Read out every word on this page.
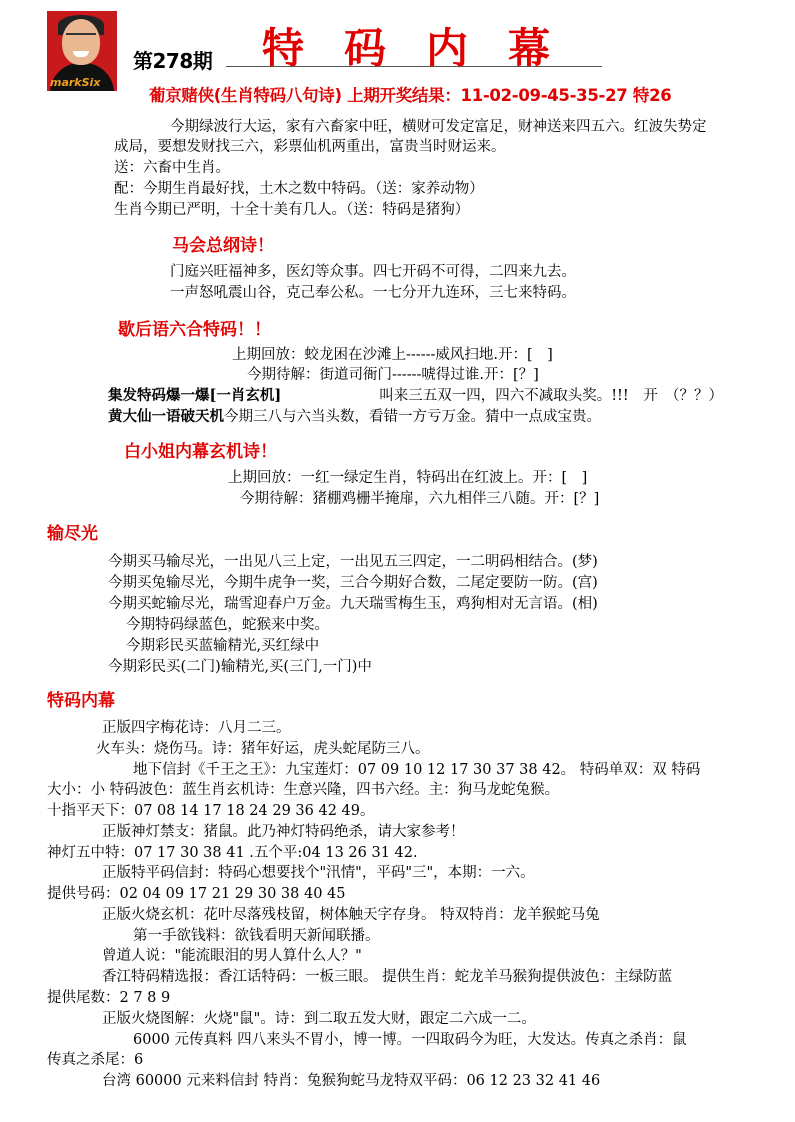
markSix
第278期 特码内幕
葡京赌侠(生肖特码八句诗) 上期开奖结果：11-02-09-45-35-27 特26
今期绿波行大运，家有六畜家中旺，横财可发定富足，财神送来四五六。红波失势定
成局，要想发财找三六，彩票仙机两重出，富贵当时财运来。
送：六畜中生肖。
配：今期生肖最好找，土木之数中特码。（送：家养动物）
生肖今期已严明，十全十美有几人。（送：特码是猪狗）
马会总纲诗！
门庭兴旺福神多，医幻等众事。四七开码不可得，二四来九去。
一声怒吼震山谷，克己奉公私。一七分开九连环，三七来特码。
歇后语六合特码！！
上期回放：蛟龙困在沙滩上------威风扫地.开：[　]
今期待解：街道司衙门------唬得过谁.开：[？]
集发特码爆一爆[一肖玄机]	叫来三五双一四，四六不减取头奖。!!!　开　（？？）
黄大仙一语破天机今期三八与六当头数，看错一方亏万金。猜中一点成宝贵。
白小姐内幕玄机诗！
上期回放：一红一绿定生肖，特码出在红波上。开：[　]
今期待解：猪棚鸡栅半掩扉，六九相伴三八随。开：[？]
输尽光
今期买马输尽光，一出见八三上定，一出见五三四定，一二明码相结合。(梦)
今期买兔输尽光，今期牛虎争一奖，三合今期好合数，二尾定要防一防。(宫)
今期买蛇输尽光，瑞雪迎春户万金。九天瑞雪梅生玉，鸡狗相对无言语。(相)
今期特码绿蓝色，蛇猴来中奖。
今期彩民买蓝输精光,买红绿中
今期彩民买(二门)输精光,买(三门,一门)中
特码内幕
正版四字梅花诗：八月二三。
火车头：烧伤马。诗：猪年好运，虎头蛇尾防三八。
地下信封《千王之王》：九宝莲灯：07 09 10 12 17 30 37 38 42。 特码单双：双 特码
大小：小 特码波色：蓝生肖玄机诗：生意兴隆，四书六经。主：狗马龙蛇兔猴。
十指平天下：07 08 14 17 18 24 29 36 42 49。
正版神灯禁支：猪鼠。此乃神灯特码绝杀，请大家参考！
神灯五中特：07 17 30 38 41 .五个平:04 13 26 31 42.
正版特平码信封：特码心想要找个"汛情"，平码"三"，本期：一六。
提供号码：02 04 09 17 21 29 30 38 40 45
正版火烧玄机：花叶尽落残枝留，树体触天字存身。 特双特肖：龙羊猴蛇马兔
第一手欲钱料：欲钱看明天新闻联播。
曾道人说："能流眼泪的男人算什么人？"
香江特码精选报：香江话特码：一板三眼。 提供生肖：蛇龙羊马猴狗提供波色：主绿防蓝
提供尾数：2 7 8 9
正版火烧图解：火烧"鼠"。诗：到二取五发大财，跟定二六成一二。
6000 元传真料 四八来头不胃小，博一博。一四取码今为旺，大发达。传真之杀肖：鼠
传真之杀尾：6
台湾 60000 元来料信封 特肖：兔猴狗蛇马龙特双平码：06 12 23 32 41 46
